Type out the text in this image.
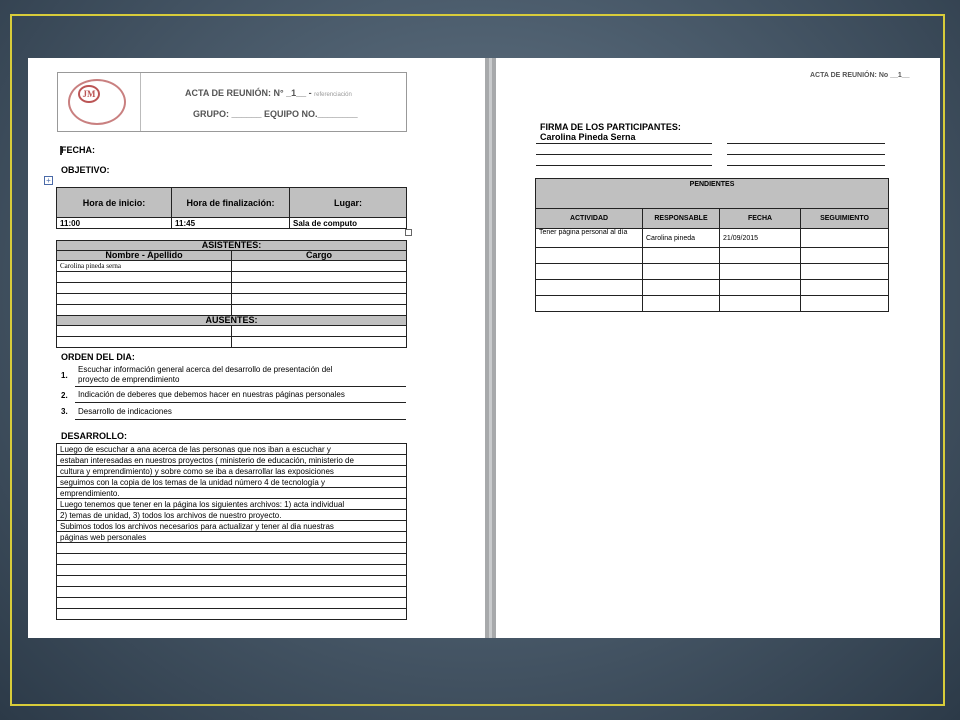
JM	ACTA DE REUNIÓN: N° _1__ - referenciación
GRUPO: ______ EQUIPO NO.________
FECHA:
OBJETIVO:
+
Hora de inicio:	Hora de finalización:	Lugar:
11:00	11:45	Sala de computo
ASISTENTES:	
Nombre - Apellido	Cargo
Carolina pineda serna	

AUSENTES:	

ORDEN DEL DIA:
1.
Escuchar información general acerca del desarrollo de presentación del
proyecto de emprendimiento
2. Indicación de deberes que debemos hacer en nuestras páginas personales
3. Desarrollo de indicaciones
DESARROLLO:
Luego de escuchar a ana acerca de las personas que nos iban a escuchar y
estaban interesadas en nuestros proyectos ( ministerio de educación, ministerio de
cultura y emprendimiento) y sobre como se iba a desarrollar las exposiciones
seguimos con la copia de los temas de la unidad número 4 de tecnología y
emprendimiento.
Luego tenemos que tener en la página los siguientes archivos: 1) acta individual
2) temas de unidad, 3) todos los archivos de nuestro proyecto.
Subimos todos los archivos necesarios para actualizar y tener al dia nuestras
páginas web personales

ACTA DE REUNIÓN: No __1__
FIRMA DE LOS PARTICIPANTES:
Carolina Pineda Serna
PENDIENTES			
ACTIVIDAD	RESPONSABLE	FECHA	SEGUIMIENTO
Tener página personal al día	Carolina pineda	21/09/2015	
